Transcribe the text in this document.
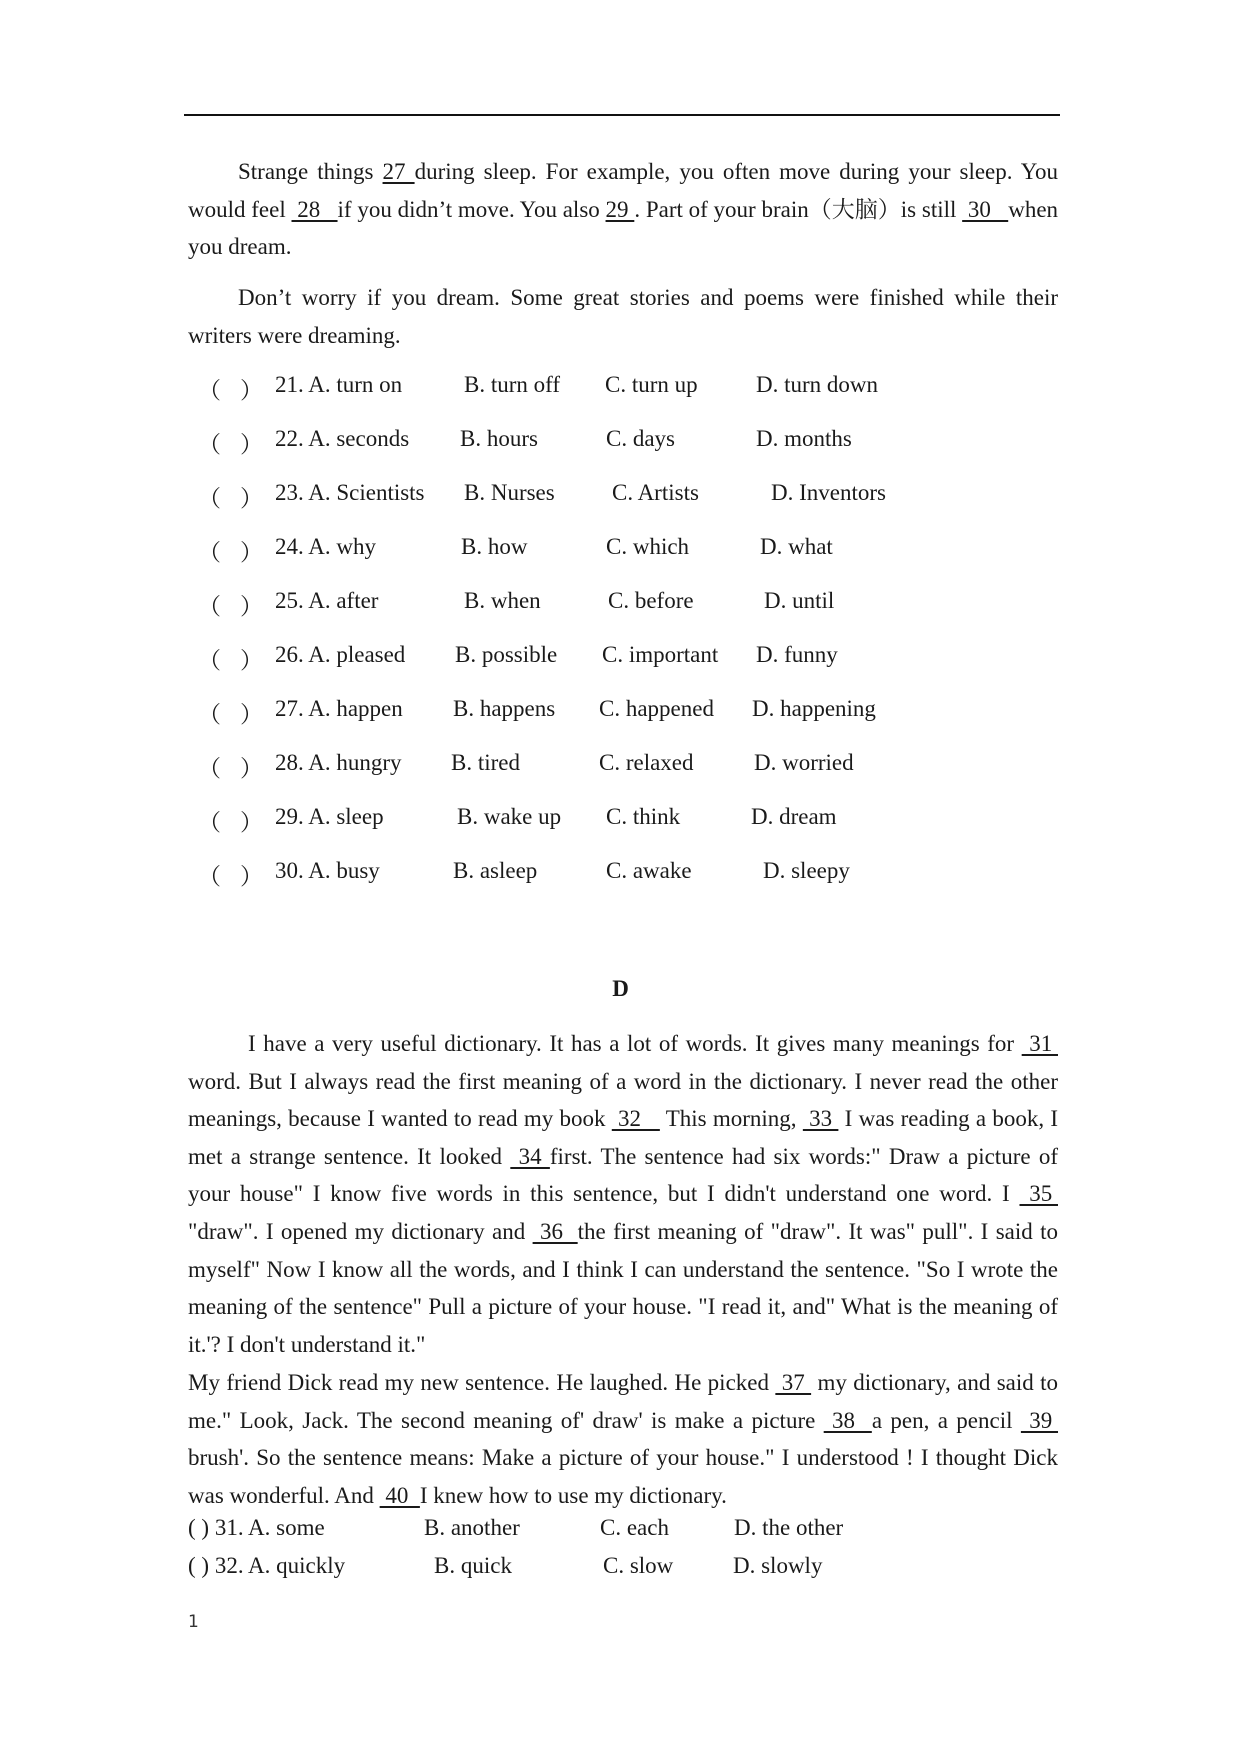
Strange things 27 during sleep. For example, you often move during your sleep. You would feel  28   if you didn’t move. You also 29 . Part of your brain（大脑）is still  30   when you dream.
Don’t worry if you dream. Some great stories and poems were finished while their writers were dreaming.
（ ） 21. A. turn on	B. turn off C. turn up	D. turn down
（ ） 22. A. seconds B. hours	C. days	D. months
（ ） 23. A. Scientists B. Nurses C. Artists	D. Inventors
（ ） 24. A. why	B. how	C. which	D. what
（ ） 25. A. after	B. when	C. before	D. until
（ ） 26. A. pleased B. possible C. important D. funny
（ ） 27. A. happen B. happens C. happened D. happening
（ ） 28. A. hungry B. tired	C. relaxed	D. worried
（ ） 29. A. sleep	B. wake up C. think	D. dream
（ ） 30. A. busy	B. asleep	C. awake	D. sleepy
D
I have a very useful dictionary. It has a lot of words. It gives many meanings for  31  word. But I always read the first meaning of a word in the dictionary. I never read the other meanings, because I wanted to read my book  32    This morning,  33  I was reading a book, I met a strange sentence. It looked  34 first. The sentence had six words:" Draw a picture of your house" I know five words in this sentence, but I didn't understand one word. I  35  "draw". I opened my dictionary and  36  the first meaning of "draw". It was" pull". I said to myself" Now I know all the words, and I think I can understand the sentence. "So I wrote the meaning of the sentence" Pull a picture of your house. "I read it, and" What is the meaning of it.'? I don't understand it."
My friend Dick read my new sentence. He laughed. He picked  37  my dictionary, and said to me." Look, Jack. The second meaning of' draw' is make a picture  38  a pen, a pencil  39  brush'. So the sentence means: Make a picture of your house." I understood ! I thought Dick was wonderful. And  40  I knew how to use my dictionary.
( ) 31. A. some	B. another	C. each	D. the other
( ) 32. A. quickly	B. quick	C. slow	D. slowly
1
